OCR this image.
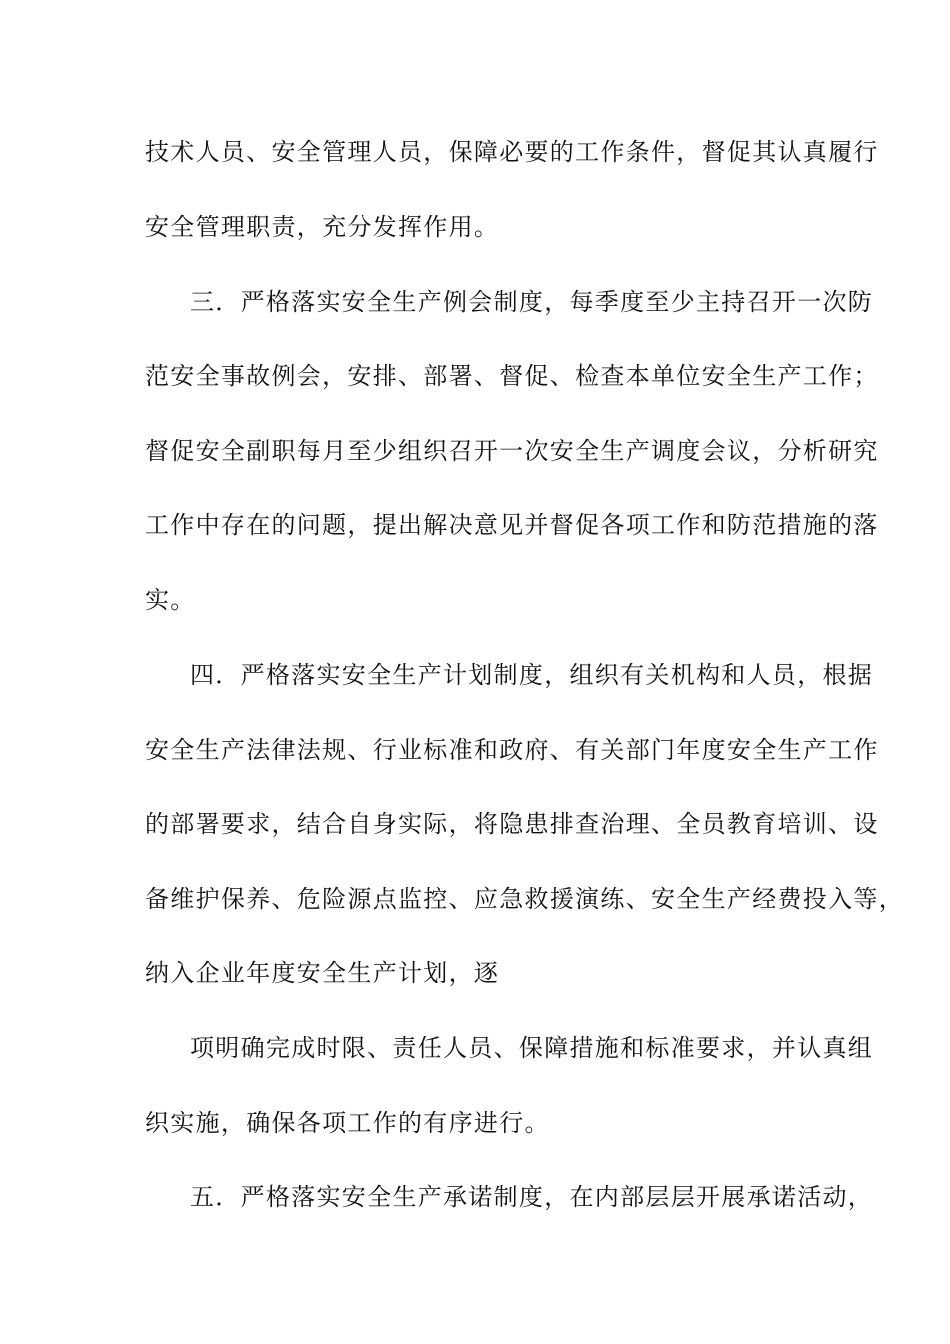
技术人员、安全管理人员，保障必要的工作条件，督促其认真履行
安全管理职责，充分发挥作用。
三．严格落实安全生产例会制度，每季度至少主持召开一次防
范安全事故例会，安排、部署、督促、检查本单位安全生产工作；
督促安全副职每月至少组织召开一次安全生产调度会议，分析研究
工作中存在的问题，提出解决意见并督促各项工作和防范措施的落
实。
四．严格落实安全生产计划制度，组织有关机构和人员，根据
安全生产法律法规、行业标准和政府、有关部门年度安全生产工作
的部署要求，结合自身实际，将隐患排查治理、全员教育培训、设
备维护保养、危险源点监控、应急救援演练、安全生产经费投入等，
纳入企业年度安全生产计划，逐
项明确完成时限、责任人员、保障措施和标准要求，并认真组
织实施，确保各项工作的有序进行。
五．严格落实安全生产承诺制度，在内部层层开展承诺活动，
